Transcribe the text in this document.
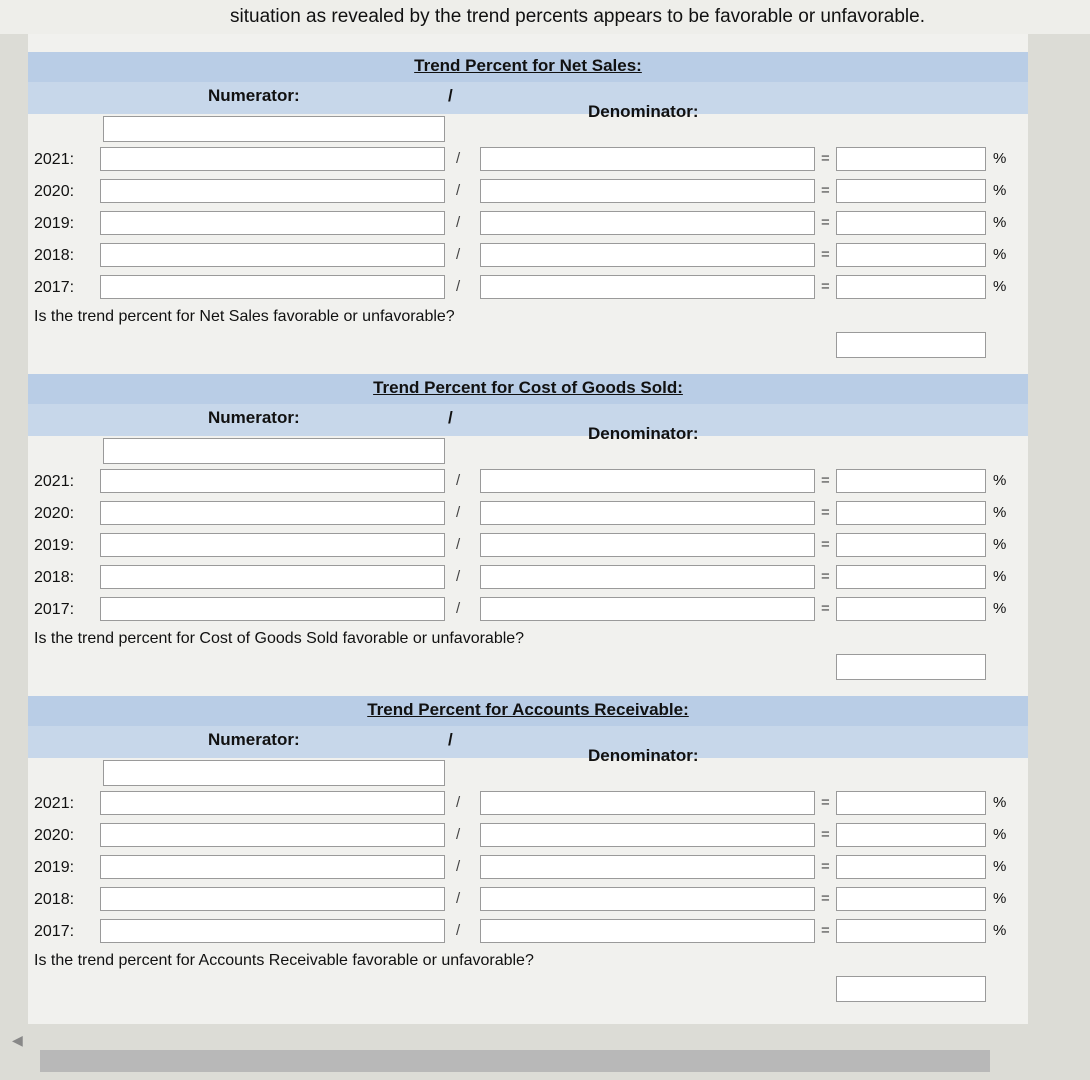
situation as revealed by the trend percents appears to be favorable or unfavorable.
Trend Percent for Net Sales:
Numerator:	/
Denominator:
2021:	/	=	%
2020:	/	=	%
2019:	/	=	%
2018:	/	=	%
2017:	/	=	%
Is the trend percent for Net Sales favorable or unfavorable?
Trend Percent for Cost of Goods Sold:
Numerator:	/
Denominator:
2021:	/	=	%
2020:	/	=	%
2019:	/	=	%
2018:	/	=	%
2017:	/	=	%
Is the trend percent for Cost of Goods Sold favorable or unfavorable?
Trend Percent for Accounts Receivable:
Numerator:	/
Denominator:
2021:	/	=	%
2020:	/	=	%
2019:	/	=	%
2018:	/	=	%
2017:	/	=	%
Is the trend percent for Accounts Receivable favorable or unfavorable?
◀
